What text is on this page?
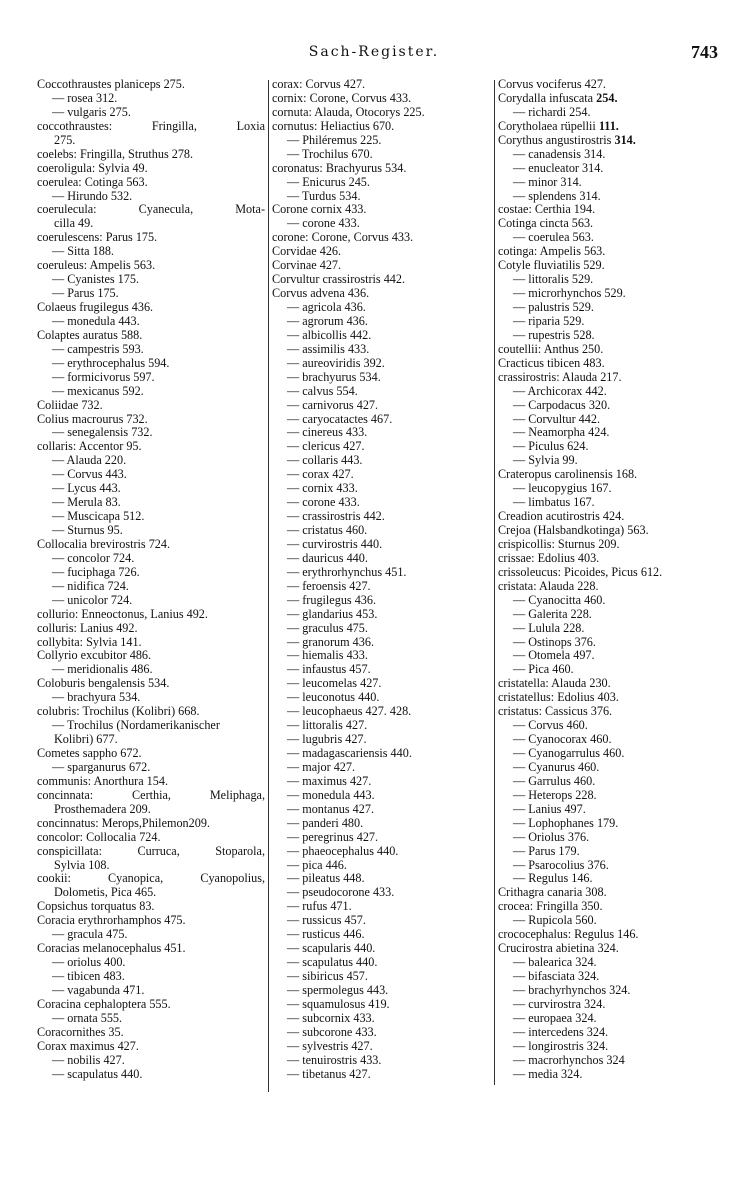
Sach-Register.	743
Coccothraustes planiceps 275.
— rosea 312.
— vulgaris 275.
coccothraustes: Fringilla, Loxia
275.
coelebs: Fringilla, Struthus 278.
coeroligula: Sylvia 49.
coerulea: Cotinga 563.
— Hirundo 532.
coerulecula: Cyanecula, Mota-
cilla 49.
coerulescens: Parus 175.
— Sitta 188.
coeruleus: Ampelis 563.
— Cyanistes 175.
— Parus 175.
Colaeus frugilegus 436.
— monedula 443.
Colaptes auratus 588.
— campestris 593.
— erythrocephalus 594.
— formicivorus 597.
— mexicanus 592.
Coliidae 732.
Colius macrourus 732.
— senegalensis 732.
collaris: Accentor 95.
— Alauda 220.
— Corvus 443.
— Lycus 443.
— Merula 83.
— Muscicapa 512.
— Sturnus 95.
Collocalia brevirostris 724.
— concolor 724.
— fuciphaga 726.
— nidifica 724.
— unicolor 724.
collurio: Enneoctonus, Lanius 492.
colluris: Lanius 492.
collybita: Sylvia 141.
Collyrio excubitor 486.
— meridionalis 486.
Coloburis bengalensis 534.
— brachyura 534.
colubris: Trochilus (Kolibri) 668.
— Trochilus (Nordamerikanischer
Kolibri) 677.
Cometes sappho 672.
— sparganurus 672.
communis: Anorthura 154.
concinnata: Certhia, Meliphaga,
Prosthemadera 209.
concinnatus: Merops,Philemon209.
concolor: Collocalia 724.
conspicillata: Curruca, Stoparola,
Sylvia 108.
cookii: Cyanopica, Cyanopolius,
Dolometis, Pica 465.
Copsichus torquatus 83.
Coracia erythrorhamphos 475.
— gracula 475.
Coracias melanocephalus 451.
— oriolus 400.
— tibicen 483.
— vagabunda 471.
Coracina cephaloptera 555.
— ornata 555.
Coracornithes 35.
Corax maximus 427.
— nobilis 427.
— scapulatus 440.
corax: Corvus 427.
cornix: Corone, Corvus 433.
cornuta: Alauda, Otocorys 225.
cornutus: Heliactius 670.
— Philéremus 225.
— Trochilus 670.
coronatus: Brachyurus 534.
— Enicurus 245.
— Turdus 534.
Corone cornix 433.
— corone 433.
corone: Corone, Corvus 433.
Corvidae 426.
Corvinae 427.
Corvultur crassirostris 442.
Corvus advena 436.
— agricola 436.
— agrorum 436.
— albicollis 442.
— assimilis 433.
— aureoviridis 392.
— brachyurus 534.
— calvus 554.
— carnivorus 427.
— caryocatactes 467.
— cinereus 433.
— clericus 427.
— collaris 443.
— corax 427.
— cornix 433.
— corone 433.
— crassirostris 442.
— cristatus 460.
— curvirostris 440.
— dauricus 440.
— erythrorhynchus 451.
— feroensis 427.
— frugilegus 436.
— glandarius 453.
— graculus 475.
— granorum 436.
— hiemalis 433.
— infaustus 457.
— leucomelas 427.
— leuconotus 440.
— leucophaeus 427. 428.
— littoralis 427.
— lugubris 427.
— madagascariensis 440.
— major 427.
— maximus 427.
— monedula 443.
— montanus 427.
— panderi 480.
— peregrinus 427.
— phaeocephalus 440.
— pica 446.
— pileatus 448.
— pseudocorone 433.
— rufus 471.
— russicus 457.
— rusticus 446.
— scapularis 440.
— scapulatus 440.
— sibiricus 457.
— spermolegus 443.
— squamulosus 419.
— subcornix 433.
— subcorone 433.
— sylvestris 427.
— tenuirostris 433.
— tibetanus 427.
Corvus vociferus 427.
Corydalla infuscata 254.
— richardi 254.
Corytholaea rüpellii 111.
Corythus angustirostris 314.
— canadensis 314.
— enucleator 314.
— minor 314.
— splendens 314.
costae: Certhia 194.
Cotinga cincta 563.
— coerulea 563.
cotinga: Ampelis 563.
Cotyle fluviatilis 529.
— littoralis 529.
— microrhynchos 529.
— palustris 529.
— riparia 529.
— rupestris 528.
coutellii: Anthus 250.
Cracticus tibicen 483.
crassirostris: Alauda 217.
— Archicorax 442.
— Carpodacus 320.
— Corvultur 442.
— Neamorpha 424.
— Piculus 624.
— Sylvia 99.
Crateropus carolinensis 168.
— leucopygius 167.
— limbatus 167.
Creadion acutirostris 424.
Crejoa (Halsbandkotinga) 563.
crispicollis: Sturnus 209.
crissae: Edolius 403.
crissoleucus: Picoides, Picus 612.
cristata: Alauda 228.
— Cyanocitta 460.
— Galerita 228.
— Lulula 228.
— Ostinops 376.
— Otomela 497.
— Pica 460.
cristatella: Alauda 230.
cristatellus: Edolius 403.
cristatus: Cassicus 376.
— Corvus 460.
— Cyanocorax 460.
— Cyanogarrulus 460.
— Cyanurus 460.
— Garrulus 460.
— Heterops 228.
— Lanius 497.
— Lophophanes 179.
— Oriolus 376.
— Parus 179.
— Psarocolius 376.
— Regulus 146.
Crithagra canaria 308.
crocea: Fringilla 350.
— Rupicola 560.
crococephalus: Regulus 146.
Crucirostra abietina 324.
— balearica 324.
— bifasciata 324.
— brachyrhynchos 324.
— curvirostra 324.
— europaea 324.
— intercedens 324.
— longirostris 324.
— macrorhynchos 324
— media 324.
